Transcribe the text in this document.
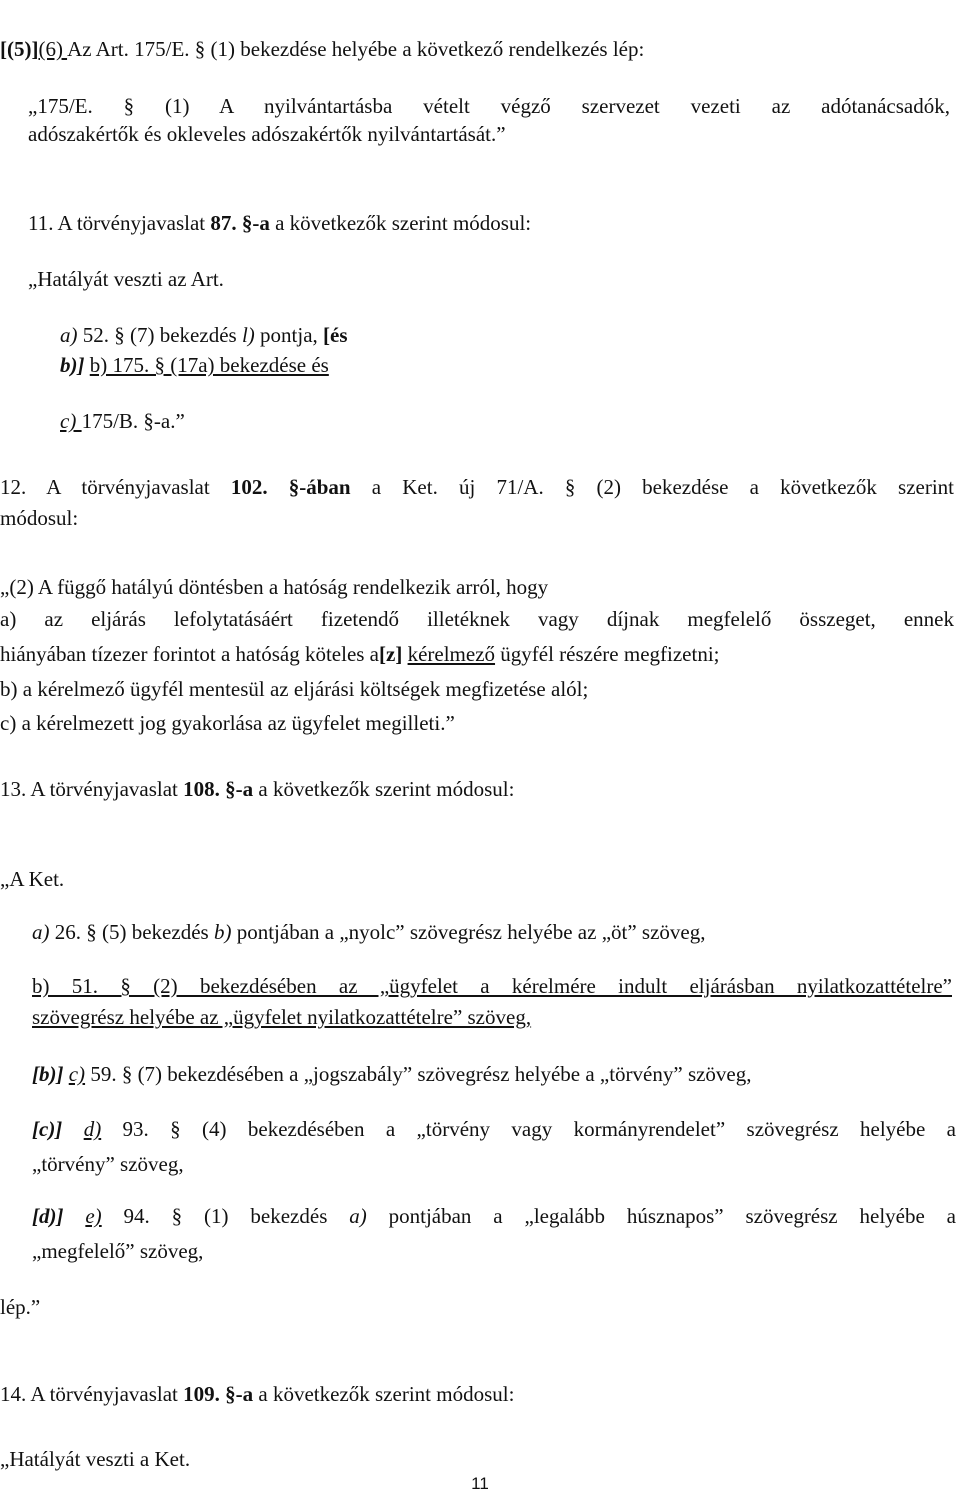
[(5)](6) Az Art. 175/E. § (1) bekezdése helyébe a következő rendelkezés lép:
„175/E. § (1) A nyilvántartásba vételt végző szervezet vezeti az adótanácsadók,
adószakértők és okleveles adószakértők nyilvántartását.”
11. A törvényjavaslat 87. §-a a következők szerint módosul:
„Hatályát veszti az Art.
a) 52. § (7) bekezdés l) pontja, [és
b)] b) 175. § (17a) bekezdése és
c) 175/B. §-a.”
12. A törvényjavaslat 102. §-ában a Ket. új 71/A. § (2) bekezdése a következők szerint
módosul:
„(2) A függő hatályú döntésben a hatóság rendelkezik arról, hogy
a) az eljárás lefolytatásáért fizetendő illetéknek vagy díjnak megfelelő összeget, ennek
hiányában tízezer forintot a hatóság köteles a[z] kérelmező ügyfél részére megfizetni;
b) a kérelmező ügyfél mentesül az eljárási költségek megfizetése alól;
c) a kérelmezett jog gyakorlása az ügyfelet megilleti.”
13. A törvényjavaslat 108. §-a a következők szerint módosul:
„A Ket.
a) 26. § (5) bekezdés b) pontjában a „nyolc” szövegrész helyébe az „öt” szöveg,
b) 51. § (2) bekezdésében az „ügyfelet a kérelmére indult eljárásban nyilatkozattételre”
szövegrész helyébe az „ügyfelet nyilatkozattételre” szöveg,
[b)] c) 59. § (7) bekezdésében a „jogszabály” szövegrész helyébe a „törvény” szöveg,
[c)] d) 93. § (4) bekezdésében a „törvény vagy kormányrendelet” szövegrész helyébe a
„törvény” szöveg,
[d)] e) 94. § (1) bekezdés a) pontjában a „legalább húsznapos” szövegrész helyébe a
„megfelelő” szöveg,
lép.”
14. A törvényjavaslat 109. §-a a következők szerint módosul:
„Hatályát veszti a Ket.
11
